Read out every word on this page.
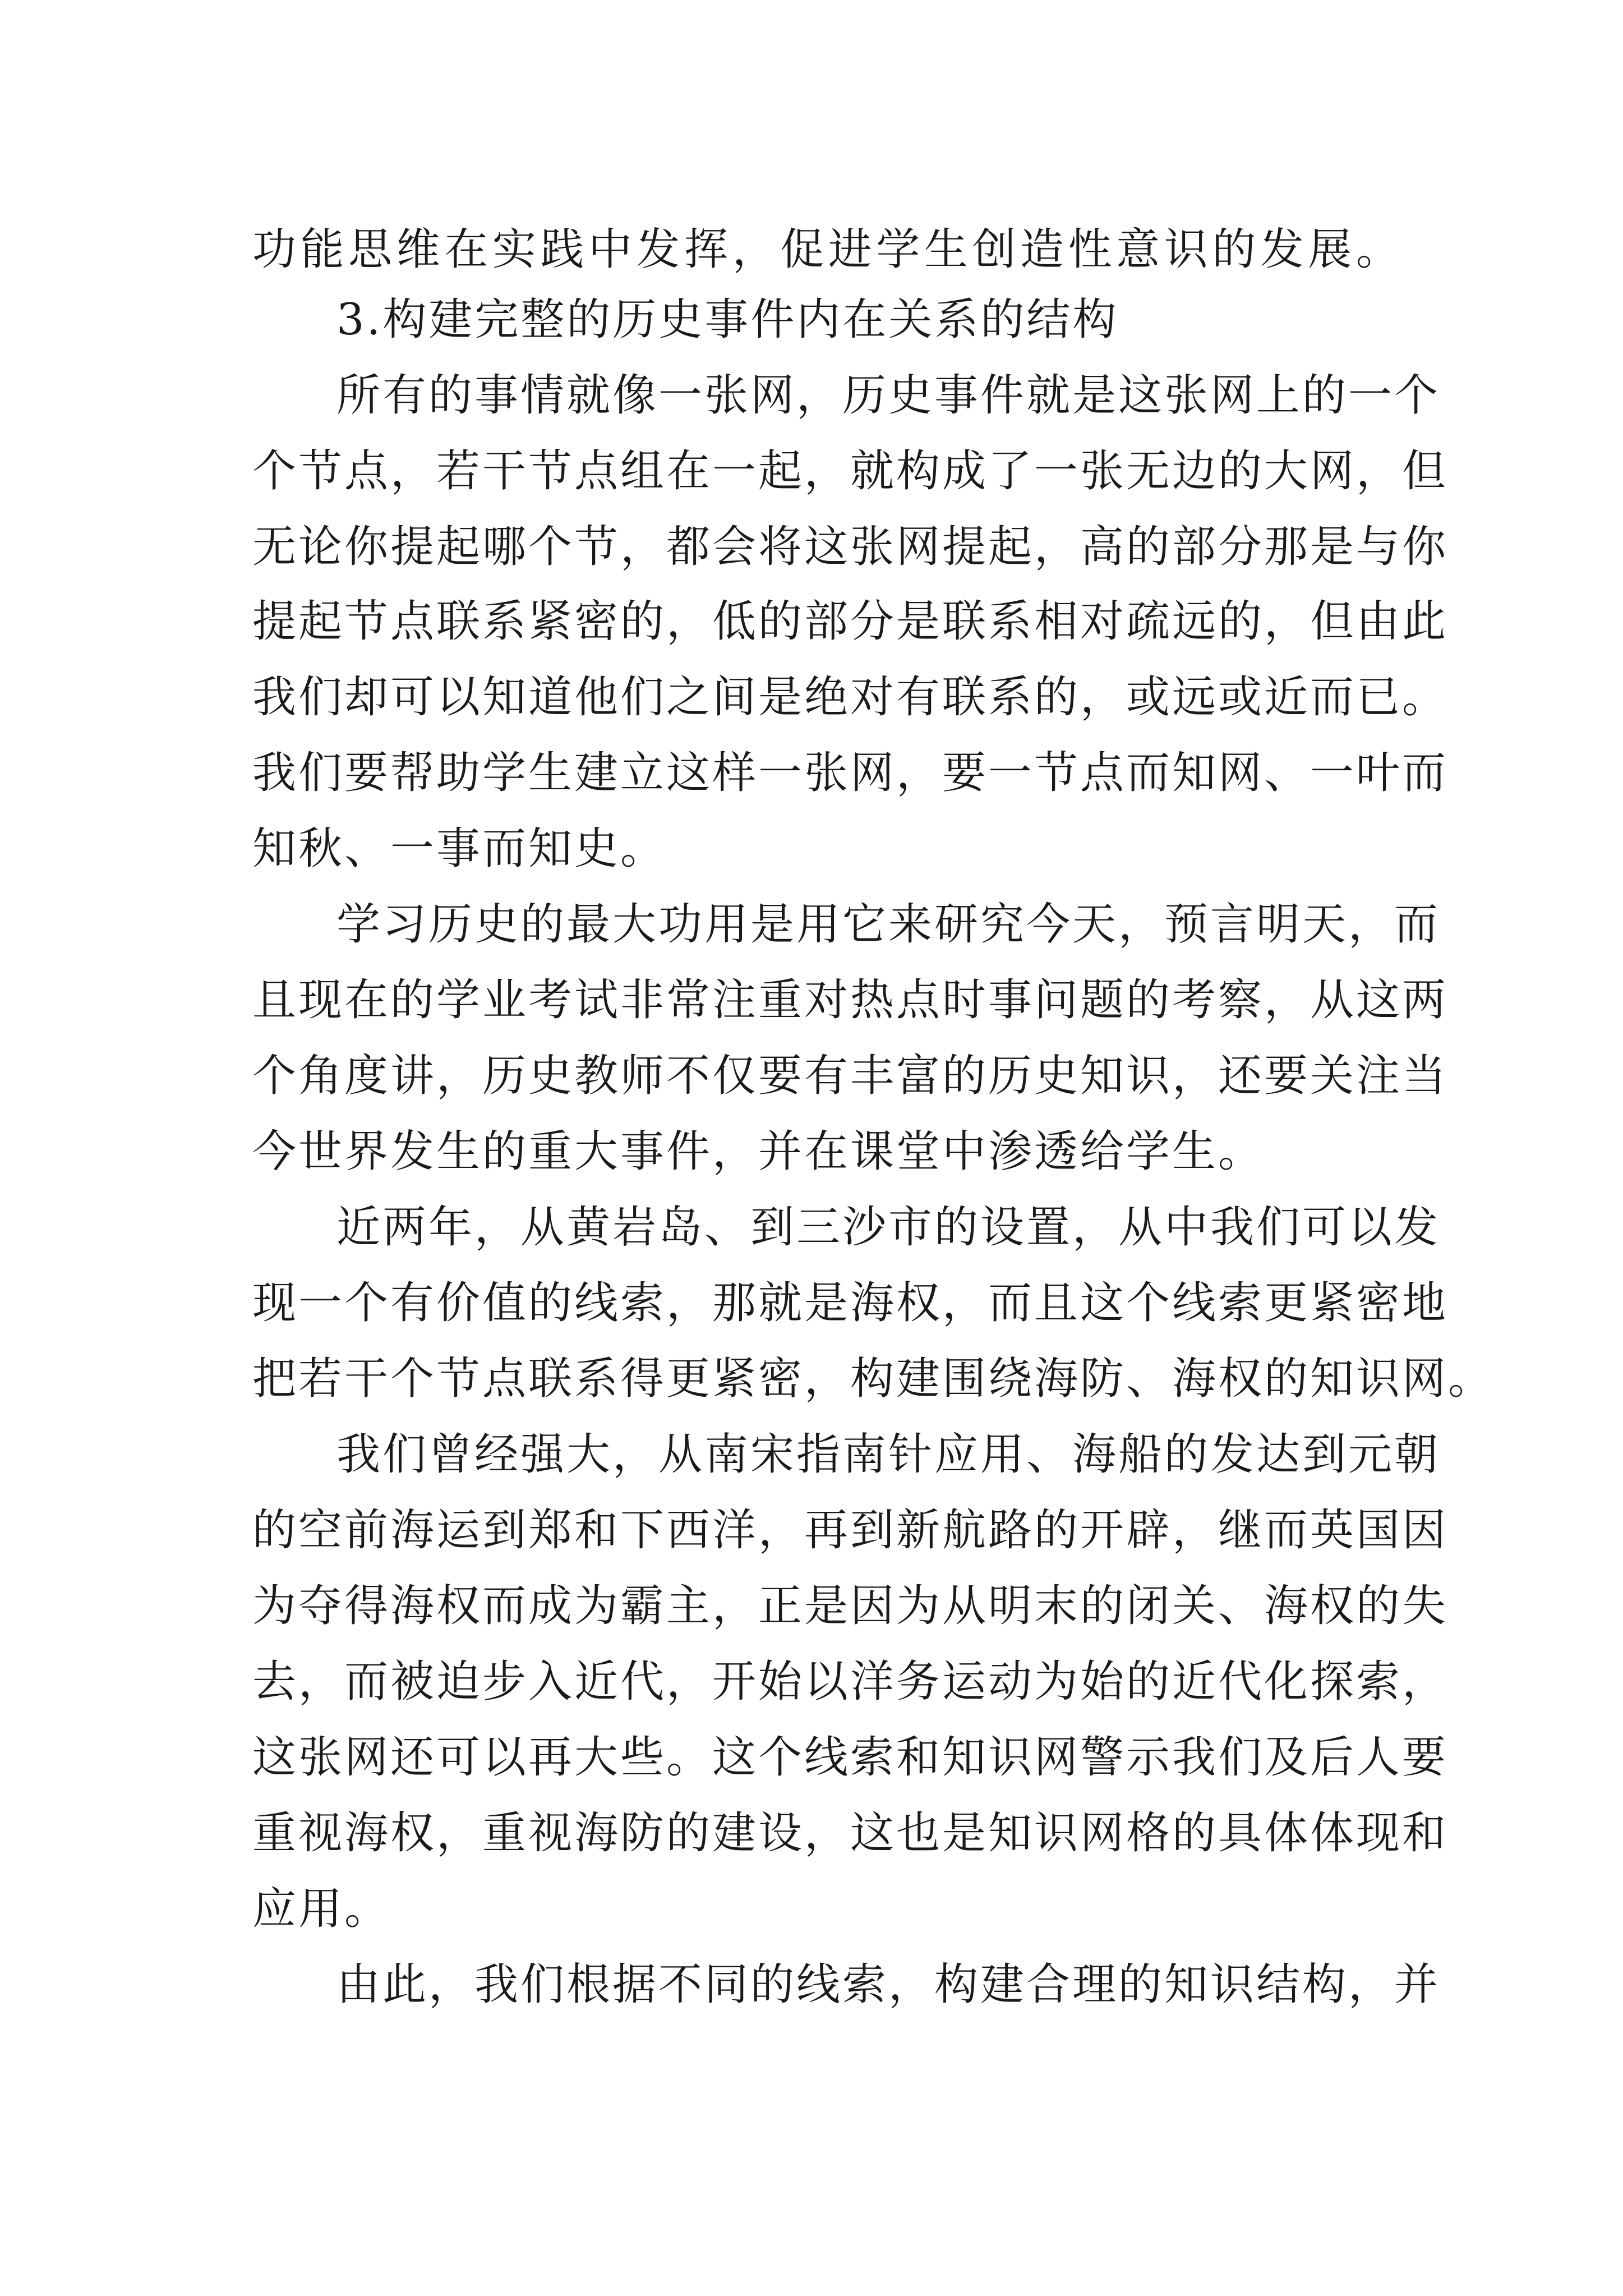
功能思维在实践中发挥，促进学生创造性意识的发展。
3.构建完整的历史事件内在关系的结构
所有的事情就像一张网，历史事件就是这张网上的一个
个节点，若干节点组在一起，就构成了一张无边的大网，但
无论你提起哪个节，都会将这张网提起，高的部分那是与你
提起节点联系紧密的，低的部分是联系相对疏远的，但由此
我们却可以知道他们之间是绝对有联系的，或远或近而已。
我们要帮助学生建立这样一张网，要一节点而知网、一叶而
知秋、一事而知史。
学习历史的最大功用是用它来研究今天，预言明天，而
且现在的学业考试非常注重对热点时事问题的考察，从这两
个角度讲，历史教师不仅要有丰富的历史知识，还要关注当
今世界发生的重大事件，并在课堂中渗透给学生。
近两年，从黄岩岛、到三沙市的设置，从中我们可以发
现一个有价值的线索，那就是海权，而且这个线索更紧密地
把若干个节点联系得更紧密，构建围绕海防、海权的知识网。
我们曾经强大，从南宋指南针应用、海船的发达到元朝
的空前海运到郑和下西洋，再到新航路的开辟，继而英国因
为夺得海权而成为霸主，正是因为从明末的闭关、海权的失
去，而被迫步入近代，开始以洋务运动为始的近代化探索，
这张网还可以再大些。这个线索和知识网警示我们及后人要
重视海权，重视海防的建设，这也是知识网格的具体体现和
应用。
由此，我们根据不同的线索，构建合理的知识结构，并
